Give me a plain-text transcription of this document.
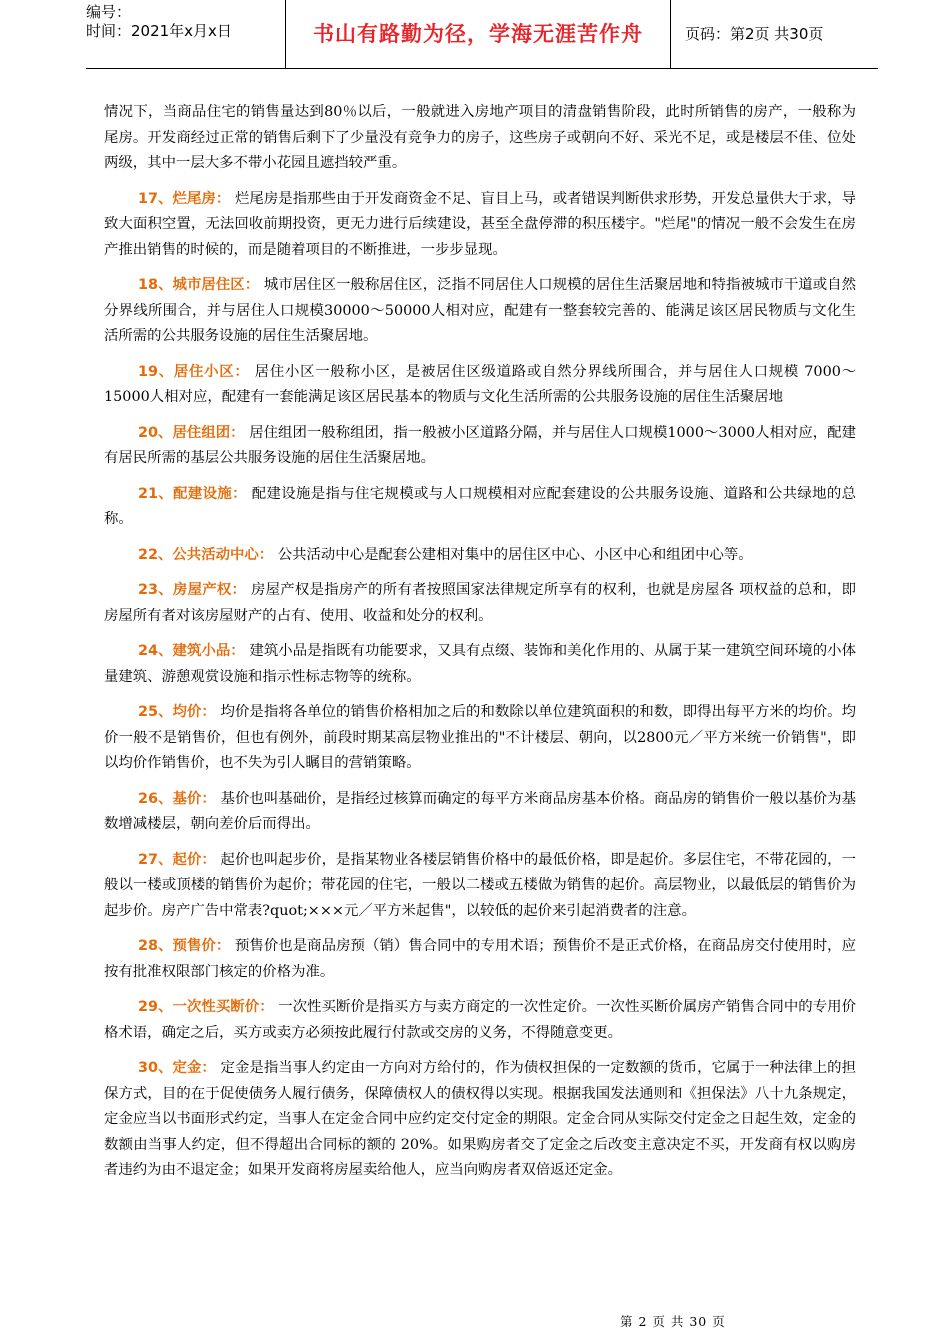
编号：
时间：2021年x月x日	书山有路勤为径，学海无涯苦作舟	页码：第2页 共30页

情况下，当商品住宅的销售量达到80％以后，一般就进入房地产项目的清盘销售阶段，此时所销售的房产，一般称为尾房。开发商经过正常的销售后剩下了少量没有竞争力的房子，这些房子或朝向不好、采光不足，或是楼层不佳、位处两级，其中一层大多不带小花园且遮挡较严重。

17、烂尾房： 烂尾房是指那些由于开发商资金不足、盲目上马，或者错误判断供求形势，开发总量供大于求，导致大面积空置，无法回收前期投资，更无力进行后续建设，甚至全盘停滞的积压楼宇。"烂尾"的情况一般不会发生在房产推出销售的时候的，而是随着项目的不断推进，一步步显现。

18、城市居住区： 城市居住区一般称居住区，泛指不同居住人口规模的居住生活聚居地和特指被城市干道或自然分界线所围合，并与居住人口规模30000～50000人相对应，配建有一整套较完善的、能满足该区居民物质与文化生活所需的公共服务设施的居住生活聚居地。

19、居住小区： 居住小区一般称小区，是被居住区级道路或自然分界线所围合，并与居住人口规模 7000～15000人相对应，配建有一套能满足该区居民基本的物质与文化生活所需的公共服务设施的居住生活聚居地

20、居住组团： 居住组团一般称组团，指一般被小区道路分隔，并与居住人口规模1000～3000人相对应，配建有居民所需的基层公共服务设施的居住生活聚居地。

21、配建设施： 配建设施是指与住宅规模或与人口规模相对应配套建设的公共服务设施、道路和公共绿地的总称。

22、公共活动中心： 公共活动中心是配套公建相对集中的居住区中心、小区中心和组团中心等。

23、房屋产权： 房屋产权是指房产的所有者按照国家法律规定所享有的权利，也就是房屋各 项权益的总和，即房屋所有者对该房屋财产的占有、使用、收益和处分的权利。

24、建筑小品： 建筑小品是指既有功能要求，又具有点缀、装饰和美化作用的、从属于某一建筑空间环境的小体量建筑、游憩观赏设施和指示性标志物等的统称。

25、均价： 均价是指将各单位的销售价格相加之后的和数除以单位建筑面积的和数，即得出每平方米的均价。均价一般不是销售价，但也有例外，前段时期某高层物业推出的"不计楼层、朝向，以2800元／平方米统一价销售"，即以均价作销售价，也不失为引人瞩目的营销策略。

26、基价： 基价也叫基础价，是指经过核算而确定的每平方米商品房基本价格。商品房的销售价一般以基价为基数增减楼层，朝向差价后而得出。

27、起价： 起价也叫起步价，是指某物业各楼层销售价格中的最低价格，即是起价。多层住宅，不带花园的，一般以一楼或顶楼的销售价为起价；带花园的住宅，一般以二楼或五楼做为销售的起价。高层物业，以最低层的销售价为起步价。房产广告中常表?quot;×××元／平方米起售"，以较低的起价来引起消费者的注意。

28、预售价： 预售价也是商品房预（销）售合同中的专用术语；预售价不是正式价格，在商品房交付使用时，应按有批准权限部门核定的价格为准。

29、一次性买断价： 一次性买断价是指买方与卖方商定的一次性定价。一次性买断价属房产销售合同中的专用价格术语，确定之后，买方或卖方必须按此履行付款或交房的义务，不得随意变更。

30、定金： 定金是指当事人约定由一方向对方给付的，作为债权担保的一定数额的货币，它属于一种法律上的担保方式，目的在于促使债务人履行债务，保障债权人的债权得以实现。根据我国发法通则和《担保法》八十九条规定，定金应当以书面形式约定，当事人在定金合同中应约定交付定金的期限。定金合同从实际交付定金之日起生效，定金的数额由当事人约定，但不得超出合同标的额的 20%。如果购房者交了定金之后改变主意决定不买，开发商有权以购房者违约为由不退定金；如果开发商将房屋卖给他人，应当向购房者双倍返还定金。

第 2 页 共 30 页
